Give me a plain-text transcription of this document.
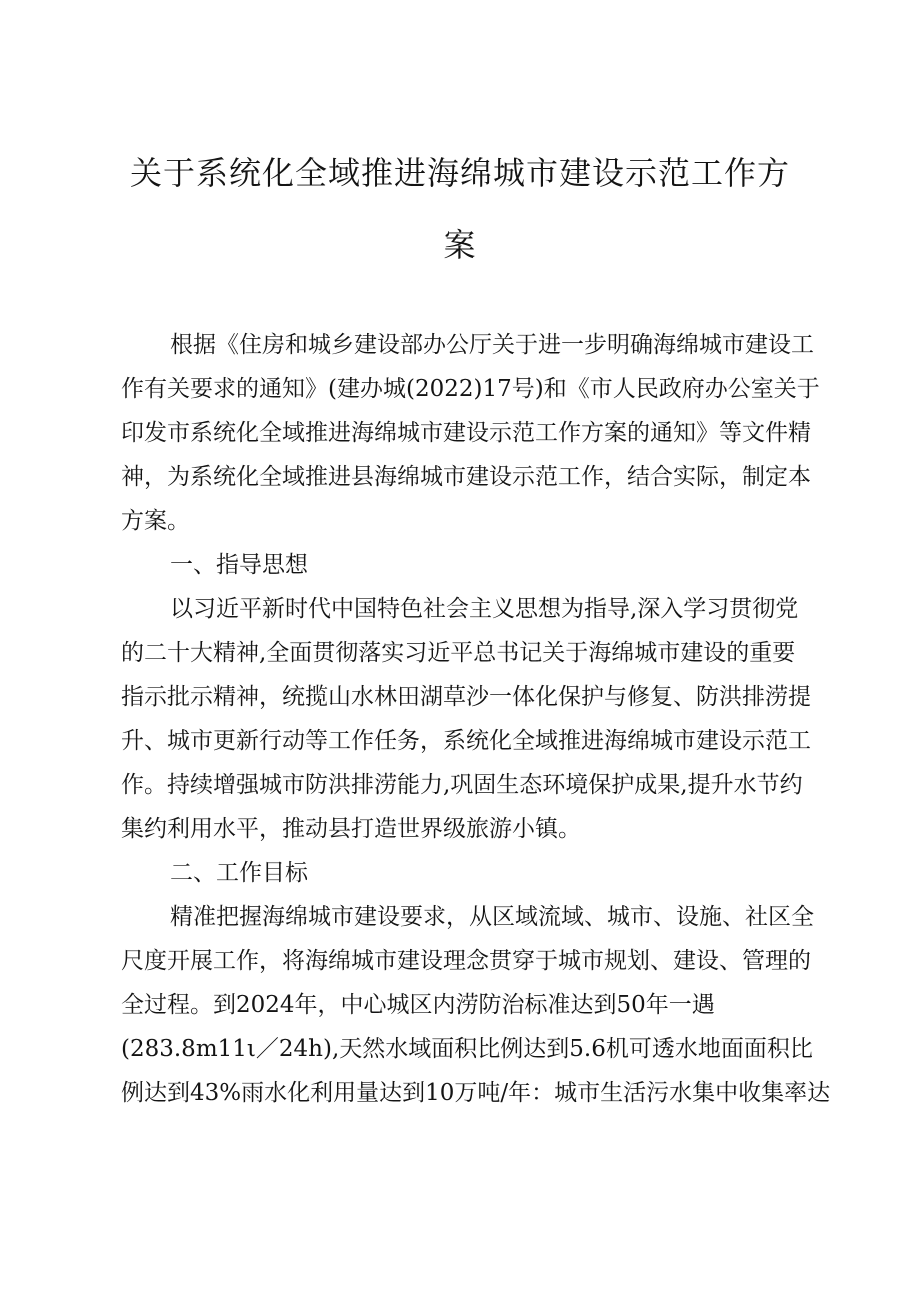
关于系统化全域推进海绵城市建设示范工作方
案
根据《住房和城乡建设部办公厅关于进一步明确海绵城市建设工
作有关要求的通知》(建办城(2022)17号)和《市人民政府办公室关于
印发市系统化全域推进海绵城市建设示范工作方案的通知》等文件精
神，为系统化全域推进县海绵城市建设示范工作，结合实际，制定本
方案。
一、指导思想
以习近平新时代中国特色社会主义思想为指导,深入学习贯彻党
的二十大精神,全面贯彻落实习近平总书记关于海绵城市建设的重要
指示批示精神，统揽山水林田湖草沙一体化保护与修复、防洪排涝提
升、城市更新行动等工作任务，系统化全域推进海绵城市建设示范工
作。持续增强城市防洪排涝能力,巩固生态环境保护成果,提升水节约
集约利用水平，推动县打造世界级旅游小镇。
二、工作目标
精准把握海绵城市建设要求，从区域流域、城市、设施、社区全
尺度开展工作，将海绵城市建设理念贯穿于城市规划、建设、管理的
全过程。到2024年，中心城区内涝防治标准达到50年一遇
(283.8m11ι／24h),天然水域面积比例达到5.6机可透水地面面积比
例达到43%雨水化利用量达到10万吨/年：城市生活污水集中收集率达
